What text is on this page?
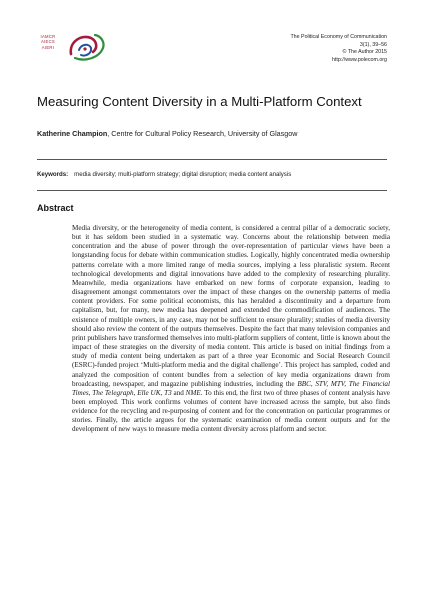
IAMCR
AIECS
AIERI
The Political Economy of Communication
3(1), 39–56
© The Author 2015
http://www.polecom.org
Measuring Content Diversity in a Multi-Platform Context
Katherine Champion, Centre for Cultural Policy Research, University of Glasgow
Keywords: media diversity; multi-platform strategy; digital disruption; media content analysis
Abstract
Media diversity, or the heterogeneity of media content, is considered a central pillar of a democratic society, but it has seldom been studied in a systematic way. Concerns about the relationship between media concentration and the abuse of power through the over-representation of particular views have been a longstanding focus for debate within communication studies. Logically, highly concentrated media ownership patterns correlate with a more limited range of media sources, implying a less pluralistic system. Recent technological developments and digital innovations have added to the complexity of researching plurality. Meanwhile, media organizations have embarked on new forms of corporate expansion, leading to disagreement amongst commentators over the impact of these changes on the ownership patterns of media content providers. For some political economists, this has heralded a discontinuity and a departure from capitalism, but, for many, new media has deepened and extended the commodification of audiences. The existence of multiple owners, in any case, may not be sufficient to ensure plurality; studies of media diversity should also review the content of the outputs themselves. Despite the fact that many television companies and print publishers have transformed themselves into multi-platform suppliers of content, little is known about the impact of these strategies on the diversity of media content. This article is based on initial findings from a study of media content being undertaken as part of a three year Economic and Social Research Council (ESRC)-funded project ‘Multi-platform media and the digital challenge’. This project has sampled, coded and analyzed the composition of content bundles from a selection of key media organizations drawn from broadcasting, newspaper, and magazine publishing industries, including the BBC, STV, MTV, The Financial Times, The Telegraph, Elle UK, T3 and NME. To this end, the first two of three phases of content analysis have been employed. This work confirms volumes of content have increased across the sample, but also finds evidence for the recycling and re-purposing of content and for the concentration on particular programmes or stories. Finally, the article argues for the systematic examination of media content outputs and for the development of new ways to measure media content diversity across platform and sector.
